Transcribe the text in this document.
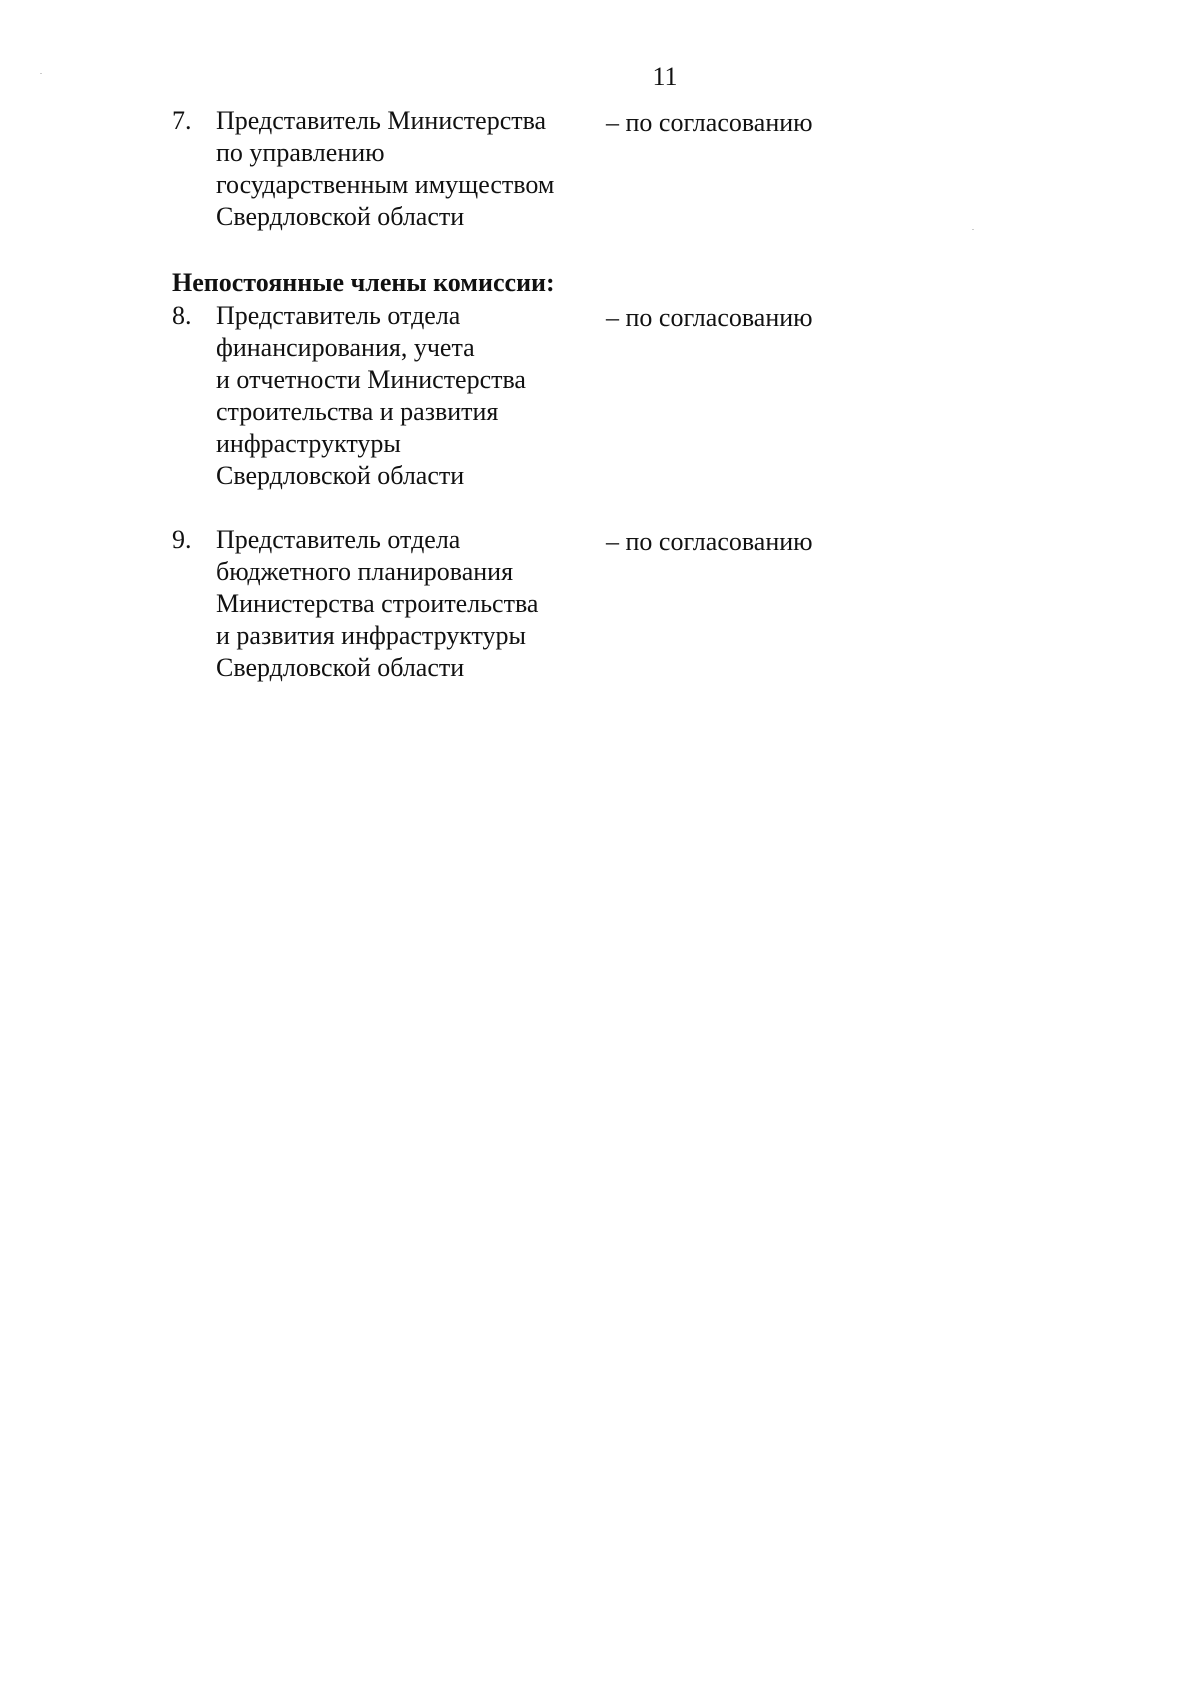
11
7. Представитель Министерства
по управлению
государственным имуществом
Свердловской области
– по согласованию
Непостоянные члены комиссии:
8. Представитель отдела
финансирования, учета
и отчетности Министерства
строительства и развития
инфраструктуры
Свердловской области
– по согласованию
9. Представитель отдела
бюджетного планирования
Министерства строительства
и развития инфраструктуры
Свердловской области
– по согласованию
